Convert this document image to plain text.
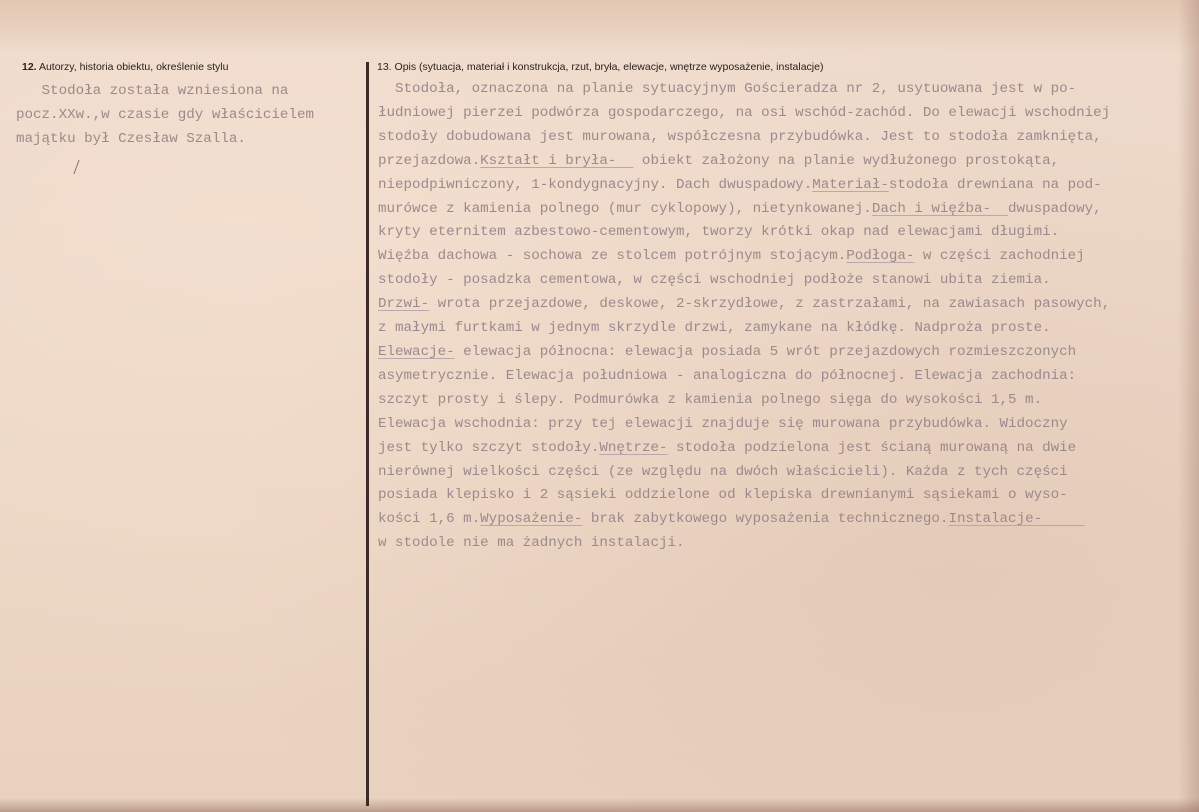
12. Autorzy, historia obiektu, określenie stylu	13. Opis (sytuacja, materiał i konstrukcja, rzut, bryła, elewacje, wnętrze wyposażenie, instalacje)
Stodoła została wzniesiona na
pocz.XXw.,w czasie gdy właścicielem
majątku był Czesław Szalla.
Stodoła, oznaczona na planie sytuacyjnym Gościeradza nr 2, usytuowana jest w po-
łudniowej pierzei podwórza gospodarczego, na osi wschód-zachód. Do elewacji wschodniej
stodoły dobudowana jest murowana, współczesna przybudówka. Jest to stodoła zamknięta,
przejazdowa.Kształt i bryła-   obiekt założony na planie wydłużonego prostokąta,
niepodpiwniczony, 1-kondygnacyjny. Dach dwuspadowy.Materiał-stodoła drewniana na pod-
murówce z kamienia polnego (mur cyklopowy), nietynkowanej.Dach i więźba-  dwuspadowy,
kryty eternitem azbestowo-cementowym, tworzy krótki okap nad elewacjami długimi.
Więźba dachowa - sochowa ze stolcem potrójnym stojącym.Podłoga- w części zachodniej
stodoły - posadzka cementowa, w części wschodniej podłoże stanowi ubita ziemia.
Drzwi- wrota przejazdowe, deskowe, 2-skrzydłowe, z zastrzałami, na zawiasach pasowych,
z małymi furtkami w jednym skrzydle drzwi, zamykane na kłódkę. Nadproża proste.
Elewacje- elewacja północna: elewacja posiada 5 wrót przejazdowych rozmieszczonych
asymetrycznie. Elewacja południowa - analogiczna do północnej. Elewacja zachodnia:
szczyt prosty i ślepy. Podmurówka z kamienia polnego sięga do wysokości 1,5 m.
Elewacja wschodnia: przy tej elewacji znajduje się murowana przybudówka. Widoczny
jest tylko szczyt stodoły.Wnętrze- stodoła podzielona jest ścianą murowaną na dwie
nierównej wielkości części (ze względu na dwóch właścicieli). Każda z tych części
posiada klepisko i 2 sąsieki oddzielone od klepiska drewnianymi sąsiekami o wyso-
kości 1,6 m.Wyposażenie- brak zabytkowego wyposażenia technicznego.Instalacje-
w stodole nie ma żadnych instalacji.
